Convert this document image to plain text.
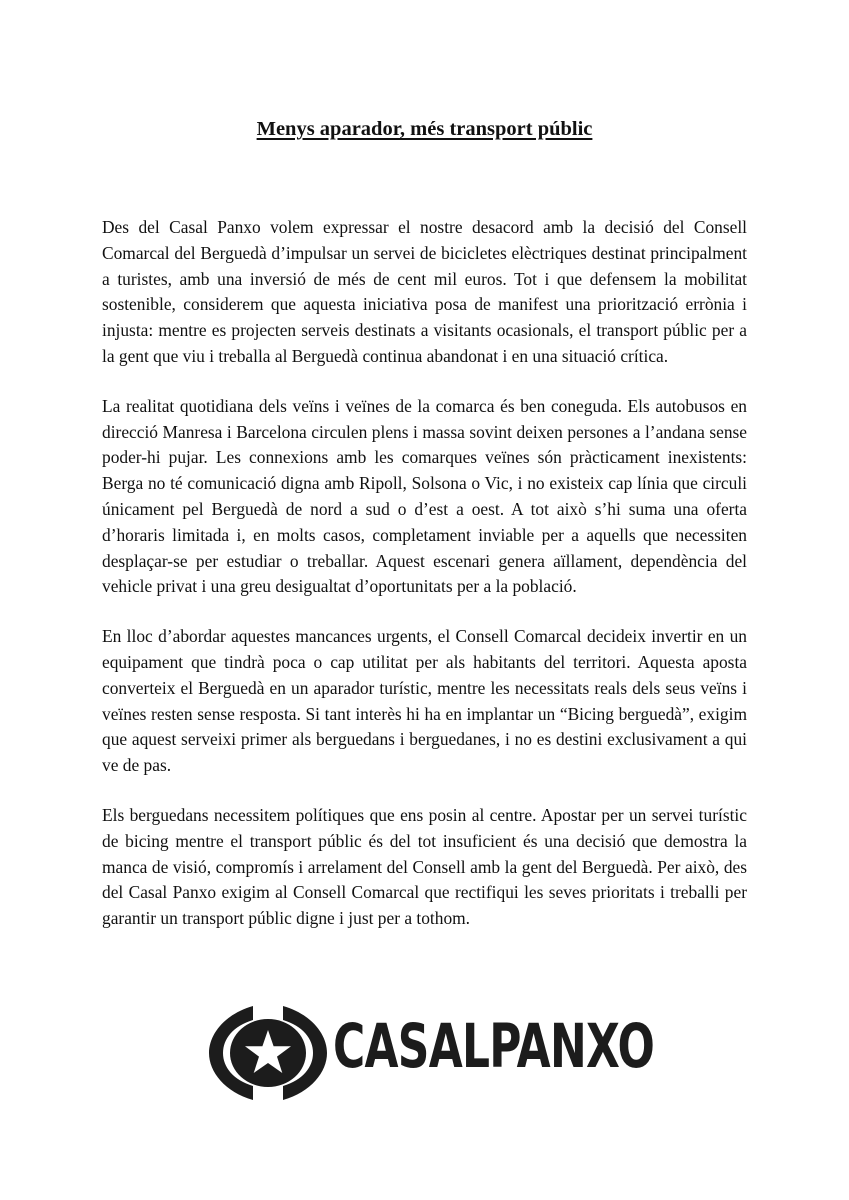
Menys aparador, més transport públic

Des del Casal Panxo volem expressar el nostre desacord amb la decisió del Consell Comarcal del Berguedà d’impulsar un servei de bicicletes elèctriques destinat principalment a turistes, amb una inversió de més de cent mil euros. Tot i que defensem la mobilitat sostenible, considerem que aquesta iniciativa posa de manifest una priorització errònia i injusta: mentre es projecten serveis destinats a visitants ocasionals, el transport públic per a la gent que viu i treballa al Berguedà continua abandonat i en una situació crítica.

La realitat quotidiana dels veïns i veïnes de la comarca és ben coneguda. Els autobusos en direcció Manresa i Barcelona circulen plens i massa sovint deixen persones a l’andana sense poder-hi pujar. Les connexions amb les comarques veïnes són pràcticament inexistents: Berga no té comunicació digna amb Ripoll, Solsona o Vic, i no existeix cap línia que circuli únicament pel Berguedà de nord a sud o d’est a oest. A tot això s’hi suma una oferta d’horaris limitada i, en molts casos, completament inviable per a aquells que necessiten desplaçar-se per estudiar o treballar. Aquest escenari genera aïllament, dependència del vehicle privat i una greu desigualtat d’oportunitats per a la població.

En lloc d’abordar aquestes mancances urgents, el Consell Comarcal decideix invertir en un equipament que tindrà poca o cap utilitat per als habitants del territori. Aquesta aposta converteix el Berguedà en un aparador turístic, mentre les necessitats reals dels seus veïns i veïnes resten sense resposta. Si tant interès hi ha en implantar un “Bicing berguedà”, exigim que aquest serveixi primer als berguedans i berguedanes, i no es destini exclusivament a qui ve de pas.

Els berguedans necessitem polítiques que ens posin al centre. Apostar per un servei turístic de bicing mentre el transport públic és del tot insuficient és una decisió que demostra la manca de visió, compromís i arrelament del Consell amb la gent del Berguedà. Per això, des del Casal Panxo exigim al Consell Comarcal que rectifiqui les seves prioritats i treballi per garantir un transport públic digne i just per a tothom.

CASALPANXO
